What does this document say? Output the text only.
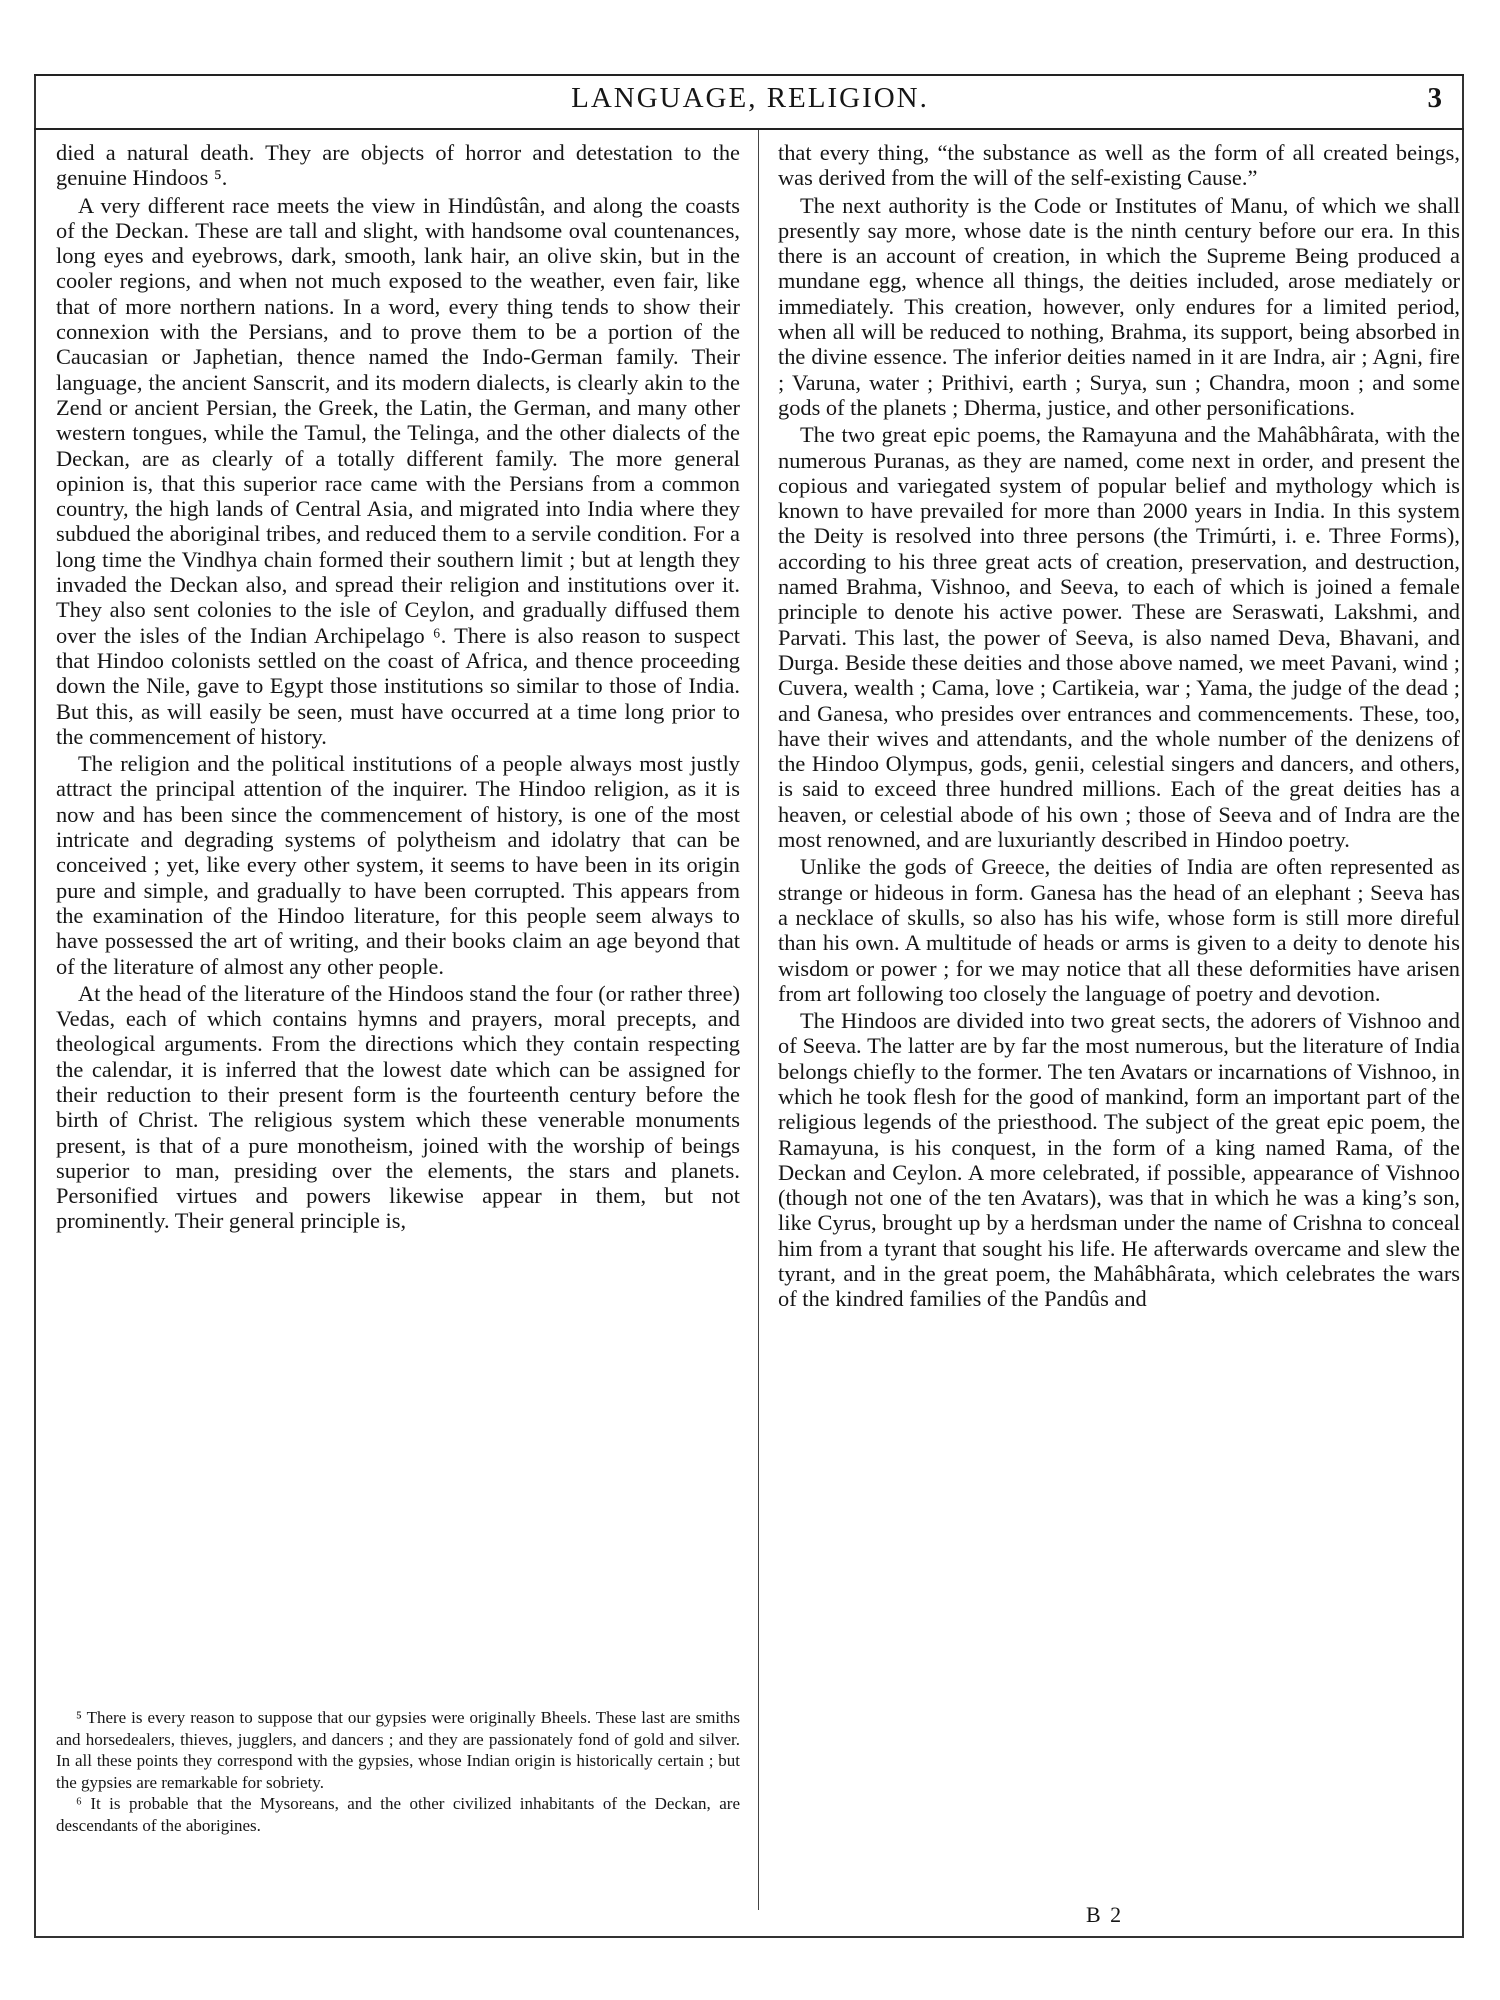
LANGUAGE, RELIGION.	3

died a natural death. They are objects of horror and detestation to the genuine Hindoos ⁵.

A very different race meets the view in Hindûstân, and along the coasts of the Deckan. These are tall and slight, with handsome oval countenances, long eyes and eyebrows, dark, smooth, lank hair, an olive skin, but in the cooler regions, and when not much exposed to the weather, even fair, like that of more northern nations. In a word, every thing tends to show their connexion with the Persians, and to prove them to be a portion of the Caucasian or Japhetian, thence named the Indo-German family. Their language, the ancient Sanscrit, and its modern dialects, is clearly akin to the Zend or ancient Persian, the Greek, the Latin, the German, and many other western tongues, while the Tamul, the Telinga, and the other dialects of the Deckan, are as clearly of a totally different family. The more general opinion is, that this superior race came with the Persians from a common country, the high lands of Central Asia, and migrated into India where they subdued the aboriginal tribes, and reduced them to a servile condition. For a long time the Vindhya chain formed their southern limit ; but at length they invaded the Deckan also, and spread their religion and institutions over it. They also sent colonies to the isle of Ceylon, and gradually diffused them over the isles of the Indian Archipelago ⁶. There is also reason to suspect that Hindoo colonists settled on the coast of Africa, and thence proceeding down the Nile, gave to Egypt those institutions so similar to those of India. But this, as will easily be seen, must have occurred at a time long prior to the commencement of history.

The religion and the political institutions of a people always most justly attract the principal attention of the inquirer. The Hindoo religion, as it is now and has been since the commencement of history, is one of the most intricate and degrading systems of polytheism and idolatry that can be conceived ; yet, like every other system, it seems to have been in its origin pure and simple, and gradually to have been corrupted. This appears from the examination of the Hindoo literature, for this people seem always to have possessed the art of writing, and their books claim an age beyond that of the literature of almost any other people.

At the head of the literature of the Hindoos stand the four (or rather three) Vedas, each of which contains hymns and prayers, moral precepts, and theological arguments. From the directions which they contain respecting the calendar, it is inferred that the lowest date which can be assigned for their reduction to their present form is the fourteenth century before the birth of Christ. The religious system which these venerable monuments present, is that of a pure monotheism, joined with the worship of beings superior to man, presiding over the elements, the stars and planets. Personified virtues and powers likewise appear in them, but not prominently. Their general principle is,

⁵ There is every reason to suppose that our gypsies were originally Bheels. These last are smiths and horsedealers, thieves, jugglers, and dancers ; and they are passionately fond of gold and silver. In all these points they correspond with the gypsies, whose Indian origin is historically certain ; but the gypsies are remarkable for sobriety.

⁶ It is probable that the Mysoreans, and the other civilized inhabitants of the Deckan, are descendants of the aborigines.

that every thing, “the substance as well as the form of all created beings, was derived from the will of the self-existing Cause.”

The next authority is the Code or Institutes of Manu, of which we shall presently say more, whose date is the ninth century before our era. In this there is an account of creation, in which the Supreme Being produced a mundane egg, whence all things, the deities included, arose mediately or immediately. This creation, however, only endures for a limited period, when all will be reduced to nothing, Brahma, its support, being absorbed in the divine essence. The inferior deities named in it are Indra, air ; Agni, fire ; Varuna, water ; Prithivi, earth ; Surya, sun ; Chandra, moon ; and some gods of the planets ; Dherma, justice, and other personifications.

The two great epic poems, the Ramayuna and the Mahâbhârata, with the numerous Puranas, as they are named, come next in order, and present the copious and variegated system of popular belief and mythology which is known to have prevailed for more than 2000 years in India. In this system the Deity is resolved into three persons (the Trimúrti, i. e. Three Forms), according to his three great acts of creation, preservation, and destruction, named Brahma, Vishnoo, and Seeva, to each of which is joined a female principle to denote his active power. These are Seraswati, Lakshmi, and Parvati. This last, the power of Seeva, is also named Deva, Bhavani, and Durga. Beside these deities and those above named, we meet Pavani, wind ; Cuvera, wealth ; Cama, love ; Cartikeia, war ; Yama, the judge of the dead ; and Ganesa, who presides over entrances and commencements. These, too, have their wives and attendants, and the whole number of the denizens of the Hindoo Olympus, gods, genii, celestial singers and dancers, and others, is said to exceed three hundred millions. Each of the great deities has a heaven, or celestial abode of his own ; those of Seeva and of Indra are the most renowned, and are luxuriantly described in Hindoo poetry.

Unlike the gods of Greece, the deities of India are often represented as strange or hideous in form. Ganesa has the head of an elephant ; Seeva has a necklace of skulls, so also has his wife, whose form is still more direful than his own. A multitude of heads or arms is given to a deity to denote his wisdom or power ; for we may notice that all these deformities have arisen from art following too closely the language of poetry and devotion.

The Hindoos are divided into two great sects, the adorers of Vishnoo and of Seeva. The latter are by far the most numerous, but the literature of India belongs chiefly to the former. The ten Avatars or incarnations of Vishnoo, in which he took flesh for the good of mankind, form an important part of the religious legends of the priesthood. The subject of the great epic poem, the Ramayuna, is his conquest, in the form of a king named Rama, of the Deckan and Ceylon. A more celebrated, if possible, appearance of Vishnoo (though not one of the ten Avatars), was that in which he was a king’s son, like Cyrus, brought up by a herdsman under the name of Crishna to conceal him from a tyrant that sought his life. He afterwards overcame and slew the tyrant, and in the great poem, the Mahâbhârata, which celebrates the wars of the kindred families of the Pandûs and

B 2
